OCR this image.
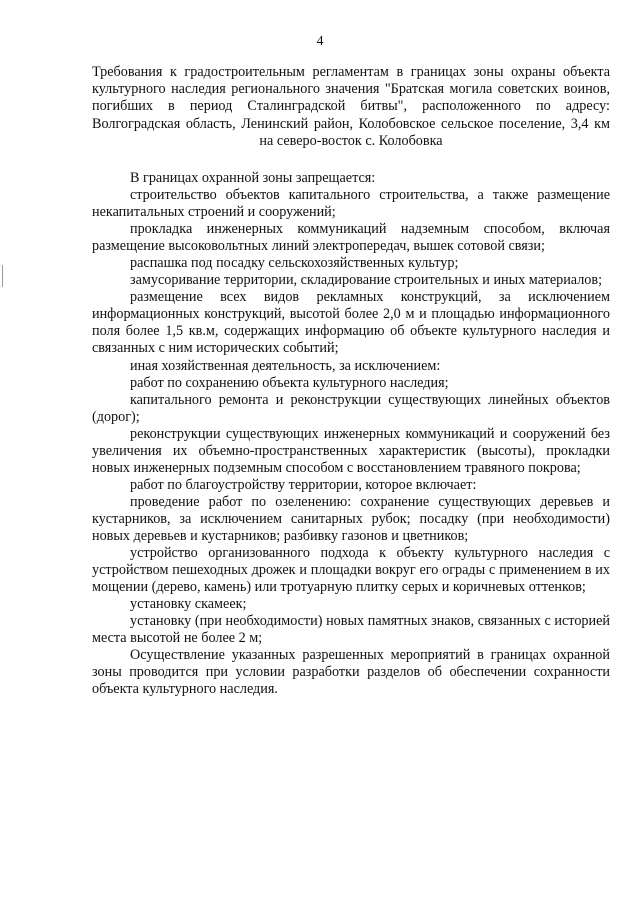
4
Требования к градостроительным регламентам в границах зоны охраны объекта культурного наследия регионального значения "Братская могила советских воинов, погибших в период Сталинградской битвы", расположенного по адресу: Волгоградская область, Ленинский район, Колобовское сельское поселение, 3,4 км на северо-восток с. Колобовка

В границах охранной зоны запрещается:

строительство объектов капитального строительства, а также размещение некапитальных строений и сооружений;

прокладка инженерных коммуникаций надземным способом, включая размещение высоковольтных линий электропередач, вышек сотовой связи;

распашка под посадку сельскохозяйственных культур;

замусоривание территории, складирование строительных и иных материалов;

размещение всех видов рекламных конструкций, за исключением информационных конструкций, высотой более 2,0 м и площадью информационного поля более 1,5 кв.м, содержащих информацию об объекте культурного наследия и связанных с ним исторических событий;

иная хозяйственная деятельность, за исключением:

работ по сохранению объекта культурного наследия;

капитального ремонта и реконструкции существующих линейных объектов (дорог);

реконструкции существующих инженерных коммуникаций и сооружений без увеличения их объемно-пространственных характеристик (высоты), прокладки новых инженерных подземным способом с восстановлением травяного покрова;

работ по благоустройству территории, которое включает:

проведение работ по озеленению: сохранение существующих деревьев и кустарников, за исключением санитарных рубок; посадку (при необходимости) новых деревьев и кустарников; разбивку газонов и цветников;

устройство организованного подхода к объекту культурного наследия с устройством пешеходных дрожек и площадки вокруг его ограды с применением в их мощении (дерево, камень) или тротуарную плитку серых и коричневых оттенков;

установку скамеек;

установку (при необходимости) новых памятных знаков, связанных с историей места высотой не более 2 м;

Осуществление указанных разрешенных мероприятий в границах охранной зоны проводится при условии разработки разделов об обеспечении сохранности объекта культурного наследия.
